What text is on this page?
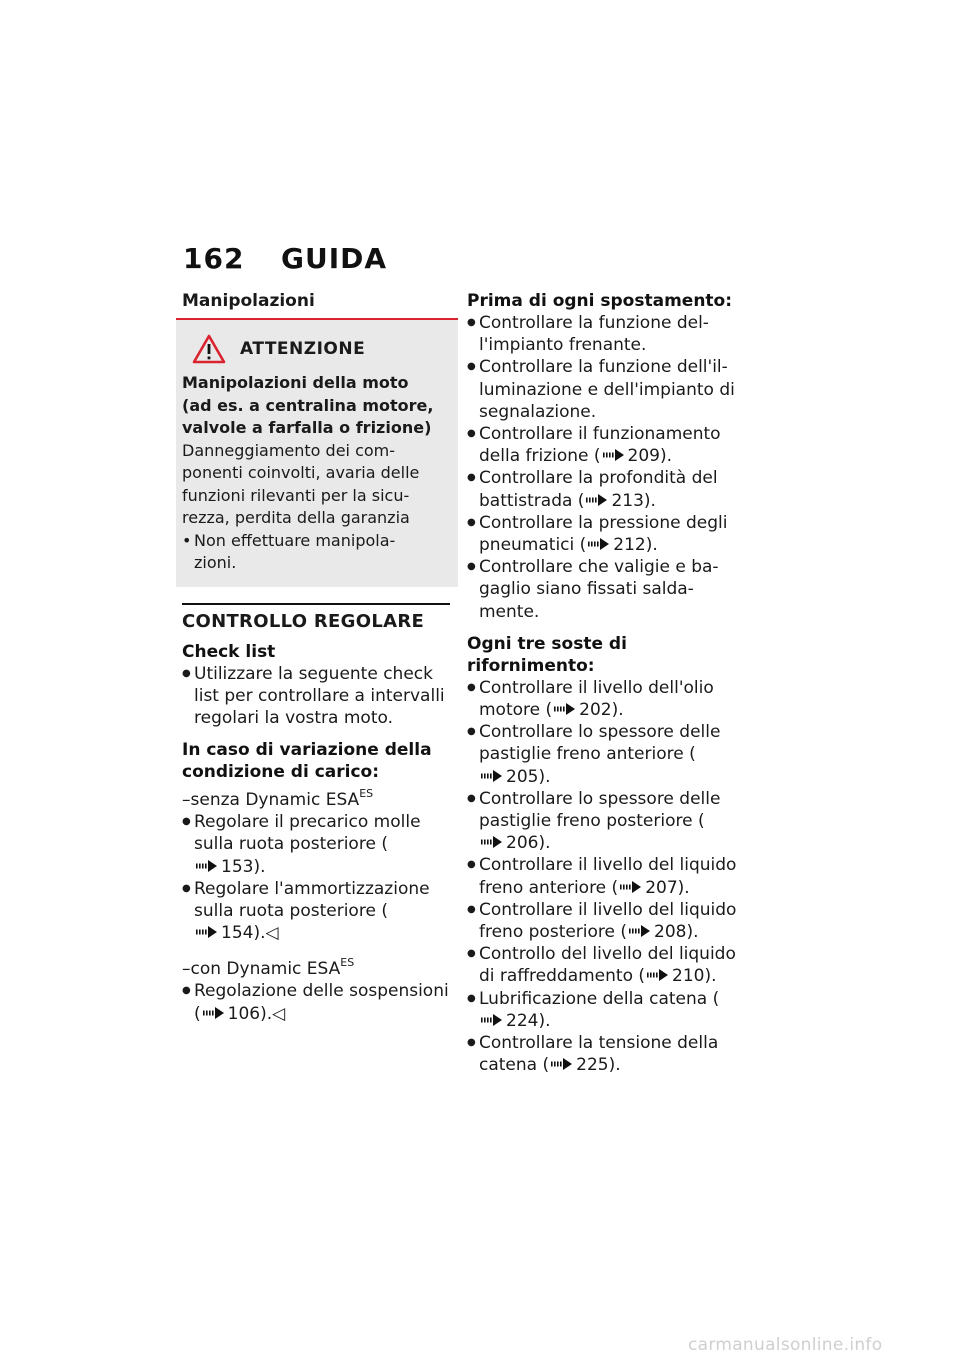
162 GUIDA
Manipolazioni
ATTENZIONE
Manipolazioni della moto
(ad es. a centralina motore,
valvole a farfalla o frizione)
Danneggiamento dei com-
ponenti coinvolti, avaria delle
funzioni rilevanti per la sicu-
rezza, perdita della garanzia
• Non effettuare manipola-
zioni.
CONTROLLO REGOLARE
Check list
● Utilizzare la seguente check list per controllare a intervalli regolari la vostra moto.
In caso di variazione della
condizione di carico:
–senza Dynamic $ESA^{ES}$
● Regolare il precarico molle sulla ruota posteriore (153).
● Regolare l'ammortizzazione sulla ruota posteriore (154).◁
–con Dynamic $ESA^{ES}$
● Regolazione delle sospensioni ( 106).◁
Prima di ogni spostamento:
● Controllare la funzione del-l'impianto frenante.
● Controllare la funzione dell'il-luminazione e dell'impianto di segnalazione.
● Controllare il funzionamento della frizione ( 209).
● Controllare la profondità del battistrada ( 213).
● Controllare la pressione degli pneumatici ( 212).
● Controllare che valigie e ba-gaglio siano fissati salda-mente.
Ogni tre soste di rifornimento:
● Controllare il livello dell'olio motore ( 202).
● Controllare lo spessore delle pastiglie freno anteriore (205).
● Controllare lo spessore delle pastiglie freno posteriore (206).
● Controllare il livello del liquido freno anteriore ( 207).
● Controllare il livello del liquido freno posteriore ( 208).
● Controllo del livello del liquido di raffreddamento ( 210).
● Lubrificazione della catena (224).
● Controllare la tensione della catena ( 225).
carmanualsonline.info
